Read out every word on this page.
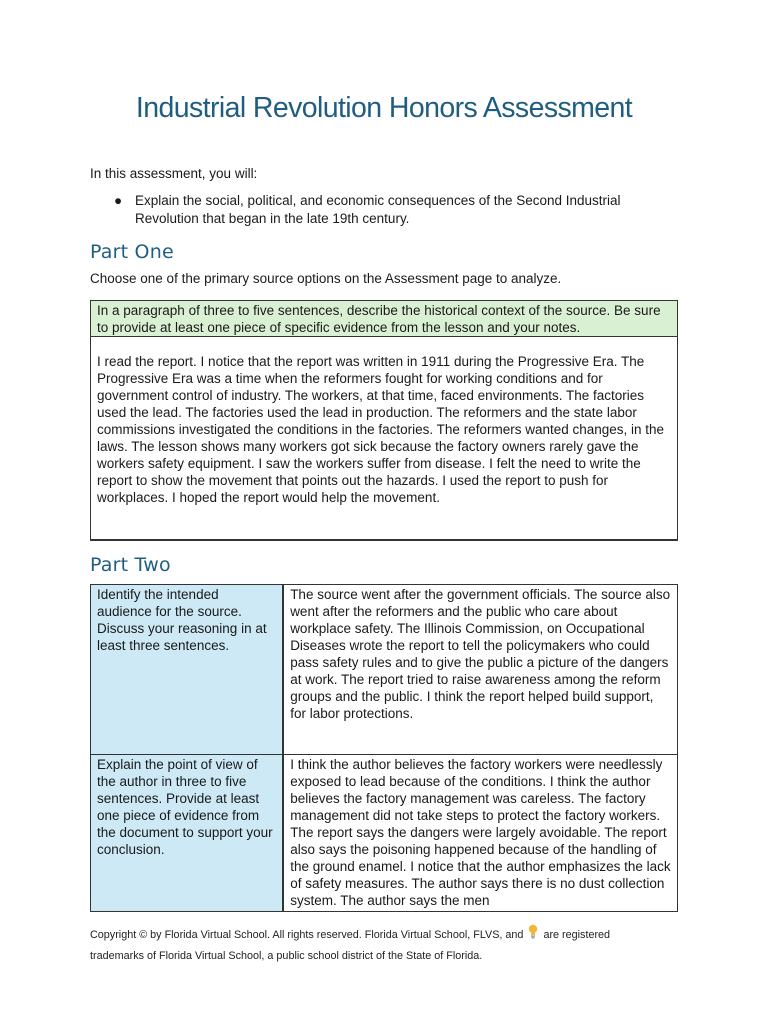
Industrial Revolution Honors Assessment
In this assessment, you will:
● Explain the social, political, and economic consequences of the Second Industrial Revolution that began in the late 19th century.
Part One
Choose one of the primary source options on the Assessment page to analyze.
In a paragraph of three to five sentences, describe the historical context of the source. Be sure to provide at least one piece of specific evidence from the lesson and your notes.
I read the report. I notice that the report was written in 1911 during the Progressive Era. The Progressive Era was a time when the reformers fought for working conditions and for government control of industry. The workers, at that time, faced environments. The factories used the lead. The factories used the lead in production. The reformers and the state labor commissions investigated the conditions in the factories. The reformers wanted changes, in the laws. The lesson shows many workers got sick because the factory owners rarely gave the workers safety equipment. I saw the workers suffer from disease. I felt the need to write the report to show the movement that points out the hazards. I used the report to push for workplaces. I hoped the report would help the movement.
Part Two
Identify the intended audience for the source. Discuss your reasoning in at least three sentences.	The source went after the government officials. The source also went after the reformers and the public who care about workplace safety. The Illinois Commission, on Occupational Diseases wrote the report to tell the policymakers who could pass safety rules and to give the public a picture of the dangers at work. The report tried to raise awareness among the reform groups and the public. I think the report helped build support, for labor protections.
Explain the point of view of the author in three to five sentences. Provide at least one piece of evidence from the document to support your conclusion.	I think the author believes the factory workers were needlessly exposed to lead because of the conditions. I think the author believes the factory management was careless. The factory management did not take steps to protect the factory workers. The report says the dangers were largely avoidable. The report also says the poisoning happened because of the handling of the ground enamel. I notice that the author emphasizes the lack of safety measures. The author says there is no dust collection system. The author says the men
Copyright © by Florida Virtual School. All rights reserved. Florida Virtual School, FLVS, and are registered trademarks of Florida Virtual School, a public school district of the State of Florida.
